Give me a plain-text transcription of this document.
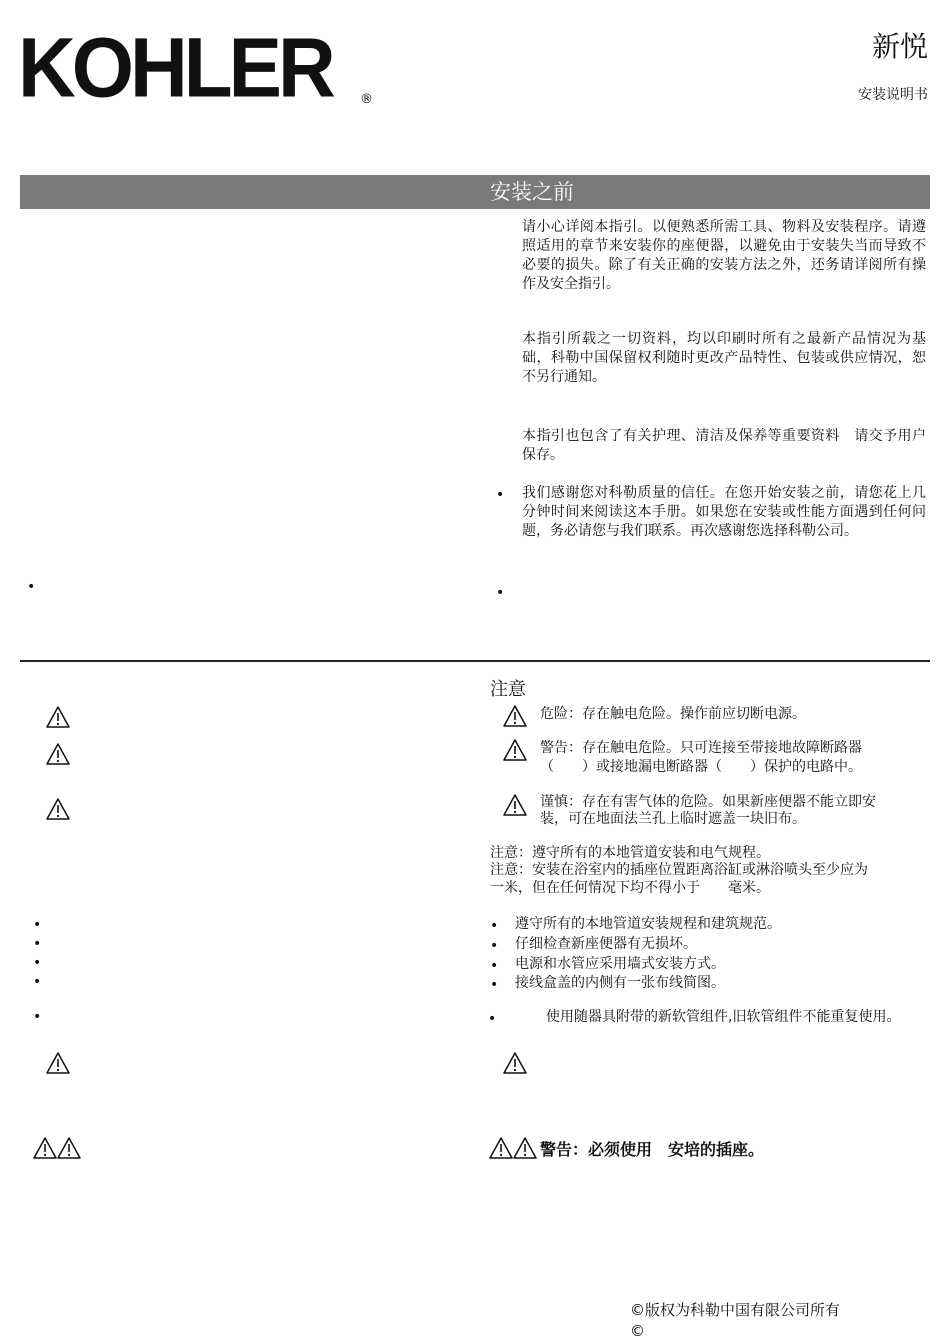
KOHLER ®
新悦
安装说明书
安装之前
请小心详阅本指引。以便熟悉所需工具、物料及安装程序。请遵照适用的章节来安装你的座便器，以避免由于安装失当而导致不必要的损失。除了有关正确的安装方法之外，还务请详阅所有操作及安全指引。
本指引所载之一切资料，均以印刷时所有之最新产品情况为基础，科勒中国保留权利随时更改产品特性、包装或供应情况，恕不另行通知。
本指引也包含了有关护理、清洁及保养等重要资料　请交予用户保存。
• 我们感谢您对科勒质量的信任。在您开始安装之前，请您花上几分钟时间来阅读这本手册。如果您在安装或性能方面遇到任何问题，务必请您与我们联系。再次感谢您选择科勒公司。
•	•
注意
危险：存在触电危险。操作前应切断电源。
警告：存在触电危险。只可连接至带接地故障断路器
（　　）或接地漏电断路器（　　）保护的电路中。
谨慎：存在有害气体的危险。如果新座便器不能立即安
装，可在地面法兰孔上临时遮盖一块旧布。
注意：遵守所有的本地管道安装和电气规程。
注意：安装在浴室内的插座位置距离浴缸或淋浴喷头至少应为
一米，但在任何情况下均不得小于　　毫米。
•
•
•
•
•
• 遵守所有的本地管道安装规程和建筑规范。
• 仔细检查新座便器有无损坏。
• 电源和水管应采用墙式安装方式。
• 接线盒盖的内侧有一张布线简图。
•	使用随器具附带的新软管组件,旧软管组件不能重复使用。
警告：必须使用　安培的插座。
©版权为科勒中国有限公司所有
©
